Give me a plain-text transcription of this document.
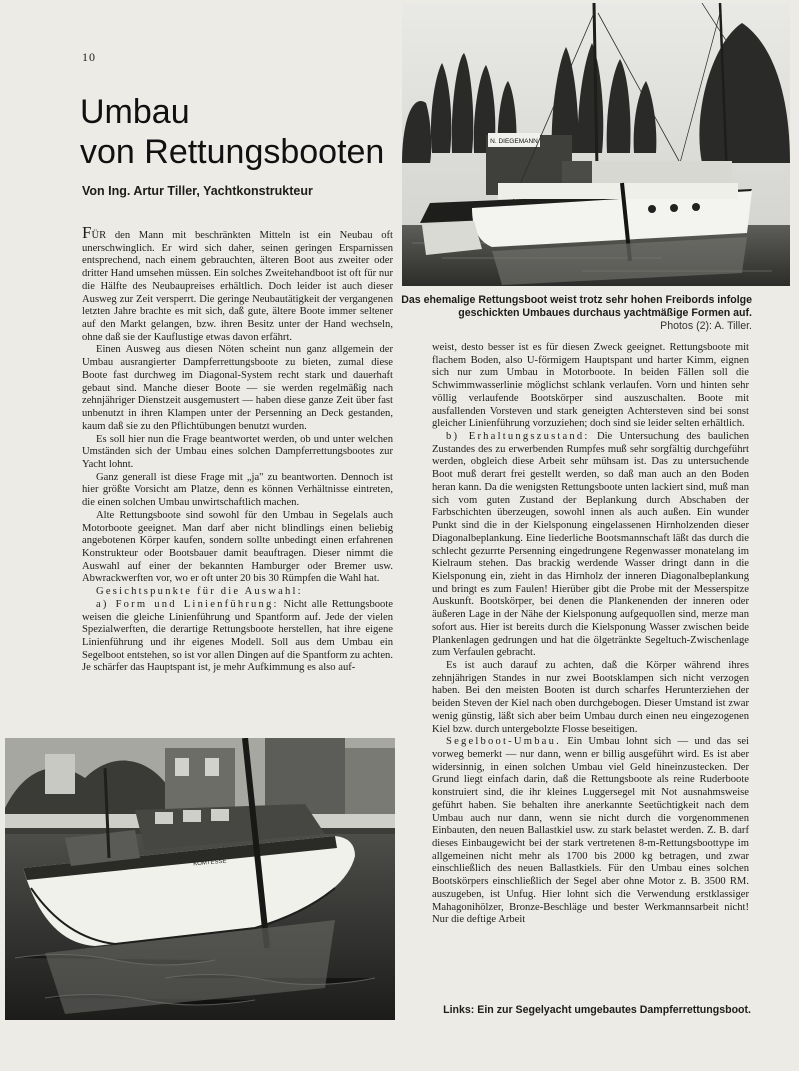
10
Umbau
von Rettungsbooten
Von Ing. Artur Tiller, Yachtkonstrukteur
N. DIEGEMANN
Das ehemalige Rettungsboot weist trotz sehr hohen Freibords infolge geschickten Umbaues durchaus yachtmäßige Formen auf.
Photos (2): A. Tiller.

FÜR den Mann mit beschränkten Mitteln ist ein Neubau oft unerschwinglich. Er wird sich daher, seinen geringen Ersparnissen entsprechend, nach einem gebrauchten, älteren Boot aus zweiter oder dritter Hand umsehen müssen. Ein solches Zweitehandboot ist oft für nur die Hälfte des Neubaupreises erhältlich. Doch leider ist auch dieser Ausweg zur Zeit versperrt. Die geringe Neubautätigkeit der vergangenen letzten Jahre brachte es mit sich, daß gute, ältere Boote immer seltener auf den Markt gelangen, bzw. ihren Besitz unter der Hand wechseln, ohne daß sie der Kauflustige etwas davon erfährt.

Einen Ausweg aus diesen Nöten scheint nun ganz allgemein der Umbau ausrangierter Dampferrettungsboote zu bieten, zumal diese Boote fast durchweg im Diagonal-System recht stark und dauerhaft gebaut sind. Manche dieser Boote — sie werden regelmäßig nach zehnjähriger Dienstzeit ausgemustert — haben diese ganze Zeit über fast unbenutzt in ihren Klampen unter der Persenning an Deck gestanden, kaum daß sie zu den Pflichtübungen benutzt wurden.

Es soll hier nun die Frage beantwortet werden, ob und unter welchen Umständen sich der Umbau eines solchen Dampferrettungsbootes zur Yacht lohnt.

Ganz generall ist diese Frage mit „ja" zu beantworten. Dennoch ist hier größte Vorsicht am Platze, denn es können Verhältnisse eintreten, die einen solchen Umbau unwirtschaftlich machen.

Alte Rettungsboote sind sowohl für den Umbau in Segelals auch Motorboote geeignet. Man darf aber nicht blindlings einen beliebig angebotenen Körper kaufen, sondern sollte unbedingt einen erfahrenen Konstrukteur oder Bootsbauer damit beauftragen. Dieser nimmt die Auswahl auf einer der bekannten Hamburger oder Bremer usw. Abwrackwerften vor, wo er oft unter 20 bis 30 Rümpfen die Wahl hat.

Gesichtspunkte für die Auswahl:

a) Form und Linienführung: Nicht alle Rettungsboote weisen die gleiche Linienführung und Spantform auf. Jede der vielen Spezialwerften, die derartige Rettungsboote herstellen, hat ihre eigene Linienführung und ihr eigenes Modell. Soll aus dem Umbau ein Segelboot entstehen, so ist vor allen Dingen auf die Spantform zu achten. Je schärfer das Hauptspant ist, je mehr Aufkimmung es also auf-

weist, desto besser ist es für diesen Zweck geeignet. Rettungsboote mit flachem Boden, also U-förmigem Hauptspant und harter Kimm, eignen sich nur zum Umbau in Motorboote. In beiden Fällen soll die Schwimmwasserlinie möglichst schlank verlaufen. Vorn und hinten sehr völlig verlaufende Bootskörper sind auszuschalten. Boote mit ausfallenden Vorsteven und stark geneigten Achtersteven sind bei sonst gleicher Linienführung vorzuziehen; doch sind sie leider selten erhältlich.

b) Erhaltungszustand: Die Untersuchung des baulichen Zustandes des zu erwerbenden Rumpfes muß sehr sorgfältig durchgeführt werden, obgleich diese Arbeit sehr mühsam ist. Das zu untersuchende Boot muß derart frei gestellt werden, so daß man auch an den Boden heran kann. Da die wenigsten Rettungsboote unten lackiert sind, muß man sich vom guten Zustand der Beplankung durch Abschaben der Farbschichten überzeugen, sowohl innen als auch außen. Ein wunder Punkt sind die in der Kielsponung eingelassenen Hirnholzenden dieser Diagonalbeplankung. Eine liederliche Bootsmannschaft läßt das durch die schlecht gezurrte Persenning eingedrungene Regenwasser monatelang im Kielraum stehen. Das brackig werdende Wasser dringt dann in die Kielsponung ein, zieht in das Hirnholz der inneren Diagonalbeplankung und bringt es zum Faulen! Hierüber gibt die Probe mit der Messerspitze Auskunft. Bootskörper, bei denen die Plankenenden der inneren oder äußeren Lage in der Nähe der Kielsponung aufgequollen sind, merze man sofort aus. Hier ist bereits durch die Kielsponung Wasser zwischen beide Plankenlagen gedrungen und hat die ölgetränkte Segeltuch-Zwischenlage zum Verfaulen gebracht.

Es ist auch darauf zu achten, daß die Körper während ihres zehnjährigen Standes in nur zwei Bootsklampen sich nicht verzogen haben. Bei den meisten Booten ist durch scharfes Herunterziehen der beiden Steven der Kiel nach oben durchgebogen. Dieser Umstand ist zwar wenig günstig, läßt sich aber beim Umbau durch einen neu eingezogenen Kiel bzw. durch untergebolzte Flosse beseitigen.

Segelboot-Umbau. Ein Umbau lohnt sich — und das sei vorweg bemerkt — nur dann, wenn er billig ausgeführt wird. Es ist aber widersinnig, in einen solchen Umbau viel Geld hineinzustecken. Der Grund liegt einfach darin, daß die Rettungsboote als reine Ruderboote konstruiert sind, die ihr kleines Luggersegel mit Not ausnahmsweise geführt haben. Sie behalten ihre anerkannte Seetüchtigkeit nach dem Umbau auch nur dann, wenn sie nicht durch die vorgenommenen Einbauten, den neuen Ballastkiel usw. zu stark belastet werden. Z. B. darf dieses Einbaugewicht bei der stark vertretenen 8-m-Rettungsboottype im allgemeinen nicht mehr als 1700 bis 2000 kg betragen, und zwar einschließlich des neuen Ballastkiels. Für den Umbau eines solchen Bootskörpers einschließlich der Segel aber ohne Motor z. B. 3500 RM. auszugeben, ist Unfug. Hier lohnt sich die Verwendung erstklassiger Mahagonihölzer, Bronze-Beschläge und bester Werkmannsarbeit nicht! Nur die deftige Arbeit

KOMTESSE
Links: Ein zur Segelyacht umgebautes Dampferrettungsboot.
